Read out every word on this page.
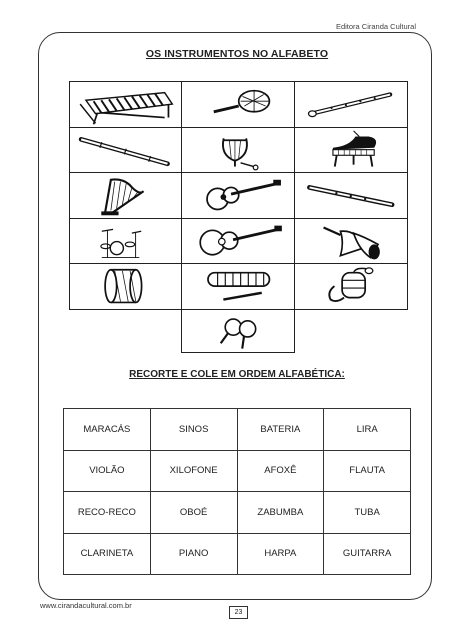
Editora Ciranda Cultural
OS INSTRUMENTOS NO ALFABETO
RECORTE E COLE EM ORDEM ALFABÉTICA:
MARACÁS	SINOS	BATERIA	LIRA
VIOLÃO	XILOFONE	AFOXÊ	FLAUTA
RECO-RECO	OBOÉ	ZABUMBA	TUBA
CLARINETA	PIANO	HARPA	GUITARRA
www.cirandacultural.com.br
23
